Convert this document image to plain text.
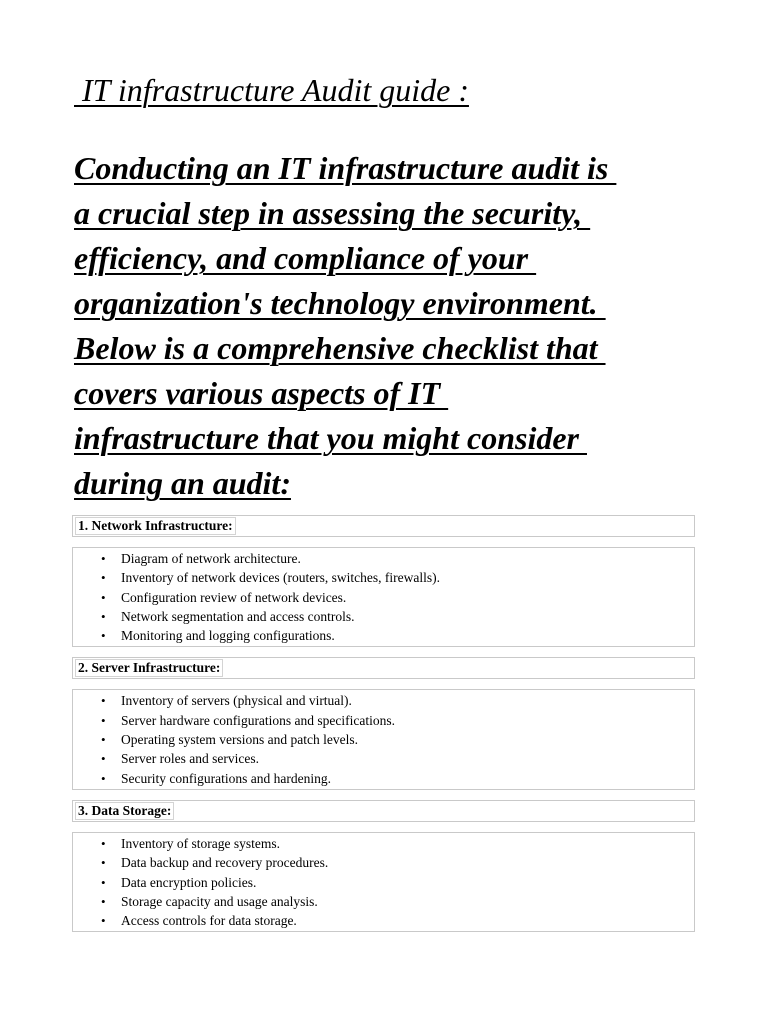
IT infrastructure Audit guide :

Conducting an IT infrastructure audit is
a crucial step in assessing the security,
efficiency, and compliance of your
organization's technology environment.
Below is a comprehensive checklist that
covers various aspects of IT
infrastructure that you might consider
during an audit:

1. Network Infrastructure:
• Diagram of network architecture.
• Inventory of network devices (routers, switches, firewalls).
• Configuration review of network devices.
• Network segmentation and access controls.
• Monitoring and logging configurations.
2. Server Infrastructure:
• Inventory of servers (physical and virtual).
• Server hardware configurations and specifications.
• Operating system versions and patch levels.
• Server roles and services.
• Security configurations and hardening.
3. Data Storage:
• Inventory of storage systems.
• Data backup and recovery procedures.
• Data encryption policies.
• Storage capacity and usage analysis.
• Access controls for data storage.
